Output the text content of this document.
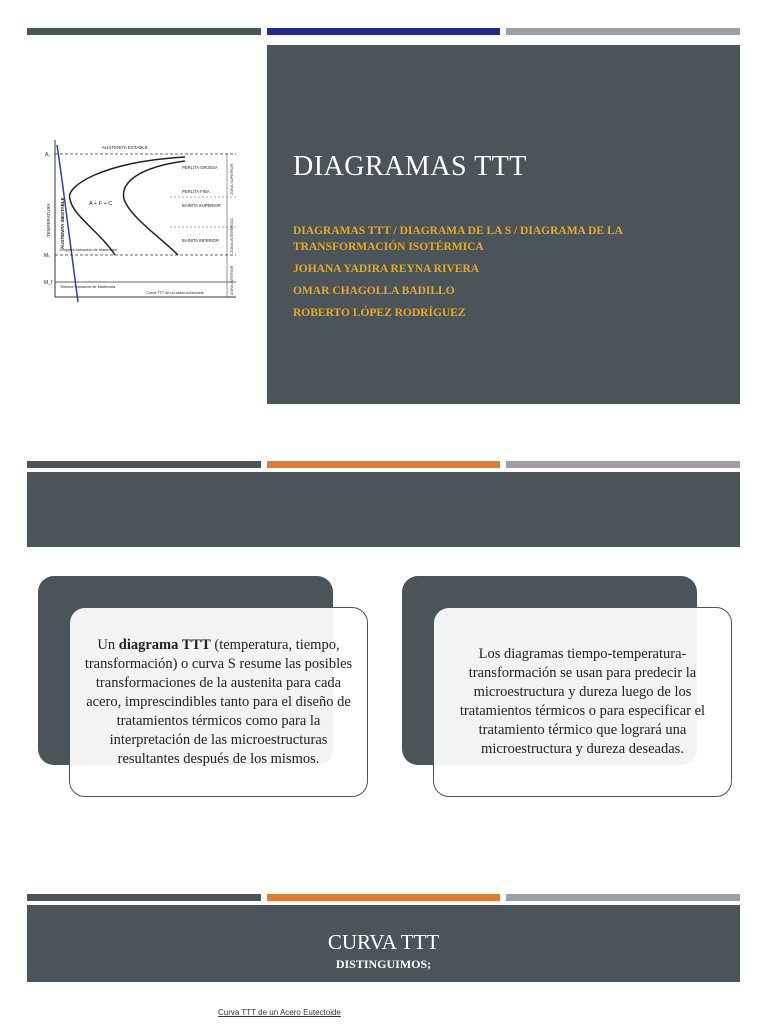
AUSTENITA ESTABLE
A₁
TEMPERATURA AUSTENITA INESTABLE
PERLITA GRUESA
PERLITA FINA
BAINITA SUPERIOR
BAINITA INFERIOR
A + F + C
Mₛ
M_f
Empieza formación de Martensita
Termina formación de Martensita
ZONA SUPERIOR
ZONA INTERMEDIA
ZONA INFERIOR
Curva TTT de un acero eutectoide
DIAGRAMAS TTT
DIAGRAMAS TTT / DIAGRAMA DE LA S / DIAGRAMA DE LA TRANSFORMACIÓN ISOTÉRMICA
JOHANA YADIRA REYNA RIVERA
OMAR CHAGOLLA BADILLO
ROBERTO LÓPEZ RODRÍGUEZ

Un diagrama TTT (temperatura, tiempo, transformación) o curva S resume las posibles transformaciones de la austenita para cada acero, imprescindibles tanto para el diseño de tratamientos térmicos como para la interpretación de las microestructuras resultantes después de los mismos.

Los diagramas tiempo-temperatura-transformación se usan para predecir la microestructura y dureza luego de los tratamientos térmicos o para especificar el tratamiento térmico que logrará una microestructura y dureza deseadas.

CURVA TTT
DISTINGUIMOS;
Curva TTT de un Acero Eutectoide
